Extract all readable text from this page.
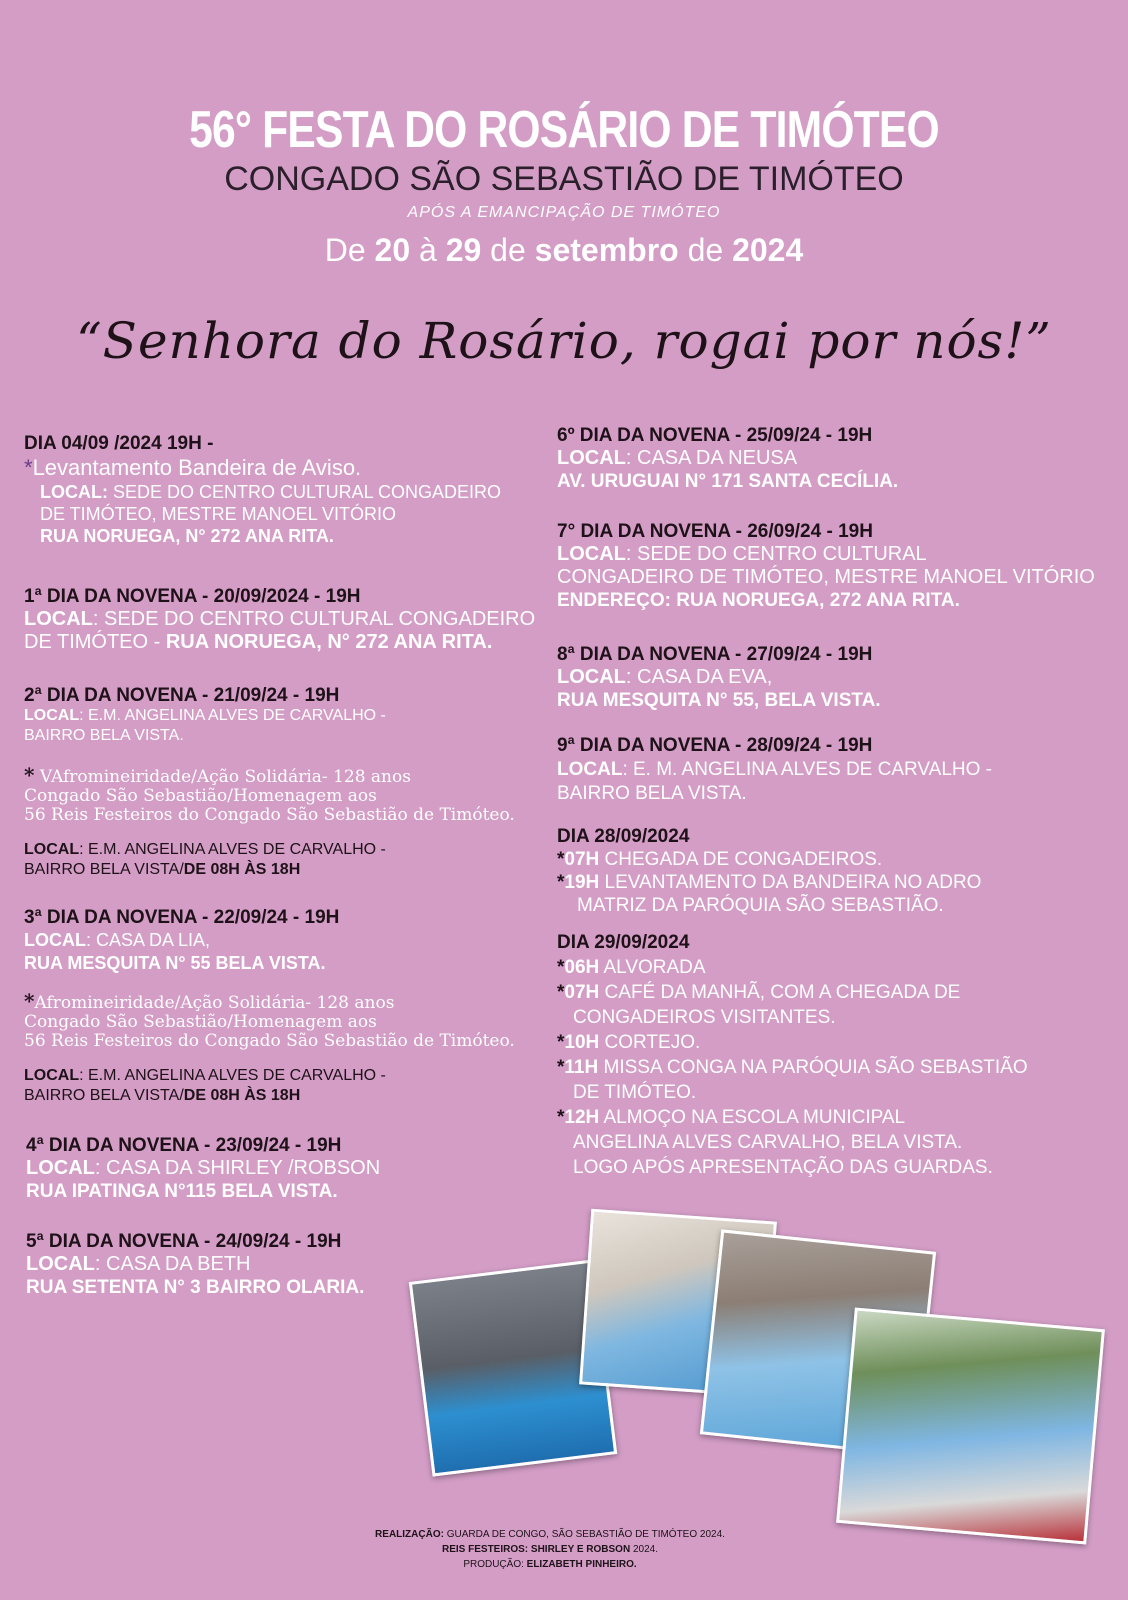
56° FESTA DO ROSÁRIO DE TIMÓTEO
CONGADO SÃO SEBASTIÃO DE TIMÓTEO
APÓS A EMANCIPAÇÃO DE TIMÓTEO
De 20 à 29 de setembro de 2024
“Senhora do Rosário, rogai por nós!”
DIA 04/09 /2024 19H -
*Levantamento Bandeira de Aviso.
LOCAL: SEDE DO CENTRO CULTURAL CONGADEIRO
DE TIMÓTEO, MESTRE MANOEL VITÓRIO
RUA NORUEGA, N° 272 ANA RITA.
1ª DIA DA NOVENA - 20/09/2024 - 19H
LOCAL: SEDE DO CENTRO CULTURAL CONGADEIRO
DE TIMÓTEO - RUA NORUEGA, N° 272 ANA RITA.
2ª DIA DA NOVENA - 21/09/24 - 19H
LOCAL: E.M. ANGELINA ALVES DE CARVALHO -
BAIRRO BELA VISTA.
* VAfromineiridade/Ação Solidária- 128 anos
Congado São Sebastião/Homenagem aos
56 Reis Festeiros do Congado São Sebastião de Timóteo.
LOCAL: E.M. ANGELINA ALVES DE CARVALHO -
BAIRRO BELA VISTA/DE 08H ÀS 18H
3ª DIA DA NOVENA - 22/09/24 - 19H
LOCAL: CASA DA LIA,
RUA MESQUITA N° 55 BELA VISTA.
*Afromineiridade/Ação Solidária- 128 anos
Congado São Sebastião/Homenagem aos
56 Reis Festeiros do Congado São Sebastião de Timóteo.
LOCAL: E.M. ANGELINA ALVES DE CARVALHO -
BAIRRO BELA VISTA/DE 08H ÀS 18H
4ª DIA DA NOVENA - 23/09/24 - 19H
LOCAL: CASA DA SHIRLEY /ROBSON
RUA IPATINGA N°115 BELA VISTA.
5ª DIA DA NOVENA - 24/09/24 - 19H
LOCAL: CASA DA BETH
RUA SETENTA N° 3 BAIRRO OLARIA.
6º DIA DA NOVENA - 25/09/24 - 19H
LOCAL: CASA DA NEUSA
AV. URUGUAI N° 171 SANTA CECÍLIA.
7° DIA DA NOVENA - 26/09/24 - 19H
LOCAL: SEDE DO CENTRO CULTURAL
CONGADEIRO DE TIMÓTEO, MESTRE MANOEL VITÓRIO
ENDEREÇO: RUA NORUEGA, 272 ANA RITA.
8ª DIA DA NOVENA - 27/09/24 - 19H
LOCAL: CASA DA EVA,
RUA MESQUITA N° 55, BELA VISTA.
9ª DIA DA NOVENA - 28/09/24 - 19H
LOCAL: E. M. ANGELINA ALVES DE CARVALHO -
BAIRRO BELA VISTA.
DIA 28/09/2024
*07H CHEGADA DE CONGADEIROS.
*19H LEVANTAMENTO DA BANDEIRA NO ADRO
MATRIZ DA PARÓQUIA SÃO SEBASTIÃO.
DIA 29/09/2024
*06H ALVORADA
*07H CAFÉ DA MANHÃ, COM A CHEGADA DE
CONGADEIROS VISITANTES.
*10H CORTEJO.
*11H MISSA CONGA NA PARÓQUIA SÃO SEBASTIÃO
DE TIMÓTEO.
*12H ALMOÇO NA ESCOLA MUNICIPAL
ANGELINA ALVES CARVALHO, BELA VISTA.
LOGO APÓS APRESENTAÇÃO DAS GUARDAS.
REALIZAÇÃO: GUARDA DE CONGO, SÃO SEBASTIÃO DE TIMÓTEO 2024.
REIS FESTEIROS: SHIRLEY E ROBSON 2024.
PRODUÇÃO: ELIZABETH PINHEIRO.
